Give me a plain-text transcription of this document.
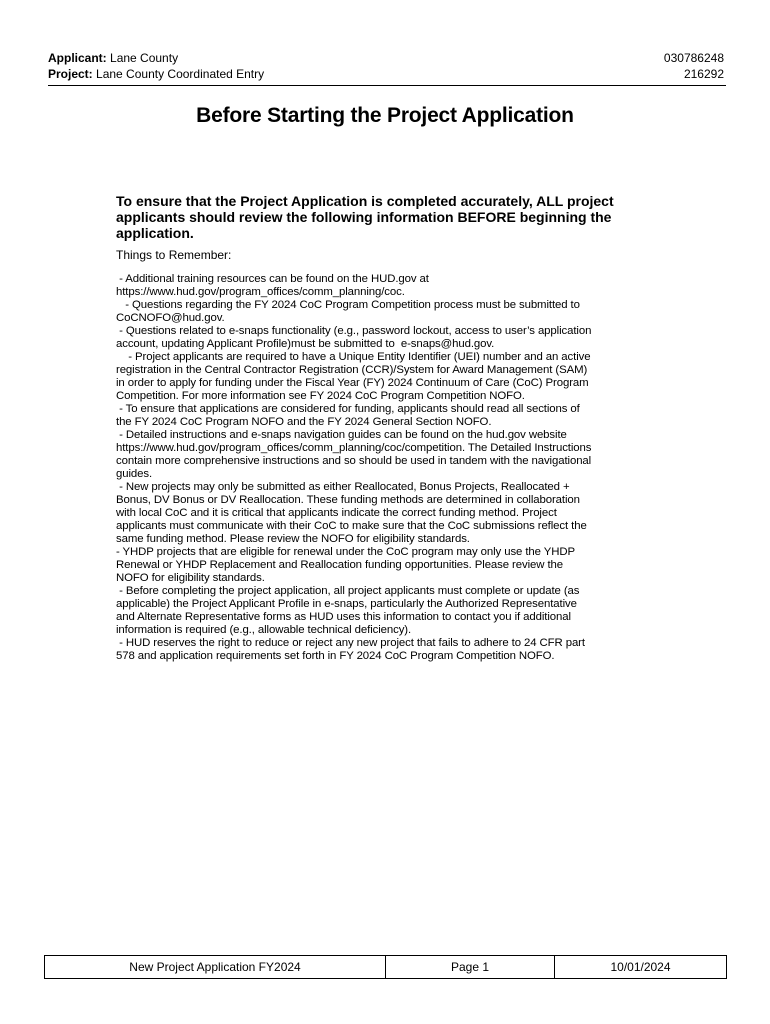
Applicant: Lane County	030786248
Project: Lane County Coordinated Entry	216292
Before Starting the Project Application
To ensure that the Project Application is completed accurately, ALL project applicants should review the following information BEFORE beginning the application.
Things to Remember:
- Additional training resources can be found on the HUD.gov at
https://www.hud.gov/program_offices/comm_planning/coc.
- Questions regarding the FY 2024 CoC Program Competition process must be submitted to
CoCNOFO@hud.gov.
- Questions related to e-snaps functionality (e.g., password lockout, access to user’s application
account, updating Applicant Profile)must be submitted to  e-snaps@hud.gov.
- Project applicants are required to have a Unique Entity Identifier (UEI) number and an active
registration in the Central Contractor Registration (CCR)/System for Award Management (SAM)
in order to apply for funding under the Fiscal Year (FY) 2024 Continuum of Care (CoC) Program
Competition. For more information see FY 2024 CoC Program Competition NOFO.
- To ensure that applications are considered for funding, applicants should read all sections of
the FY 2024 CoC Program NOFO and the FY 2024 General Section NOFO.
- Detailed instructions and e-snaps navigation guides can be found on the hud.gov website
https://www.hud.gov/program_offices/comm_planning/coc/competition. The Detailed Instructions
contain more comprehensive instructions and so should be used in tandem with the navigational
guides.
- New projects may only be submitted as either Reallocated, Bonus Projects, Reallocated +
Bonus, DV Bonus or DV Reallocation. These funding methods are determined in collaboration
with local CoC and it is critical that applicants indicate the correct funding method. Project
applicants must communicate with their CoC to make sure that the CoC submissions reflect the
same funding method. Please review the NOFO for eligibility standards.
- YHDP projects that are eligible for renewal under the CoC program may only use the YHDP
Renewal or YHDP Replacement and Reallocation funding opportunities. Please review the
NOFO for eligibility standards.
- Before completing the project application, all project applicants must complete or update (as
applicable) the Project Applicant Profile in e-snaps, particularly the Authorized Representative
and Alternate Representative forms as HUD uses this information to contact you if additional
information is required (e.g., allowable technical deficiency).
- HUD reserves the right to reduce or reject any new project that fails to adhere to 24 CFR part
578 and application requirements set forth in FY 2024 CoC Program Competition NOFO.
New Project Application FY2024	Page 1	10/01/2024
